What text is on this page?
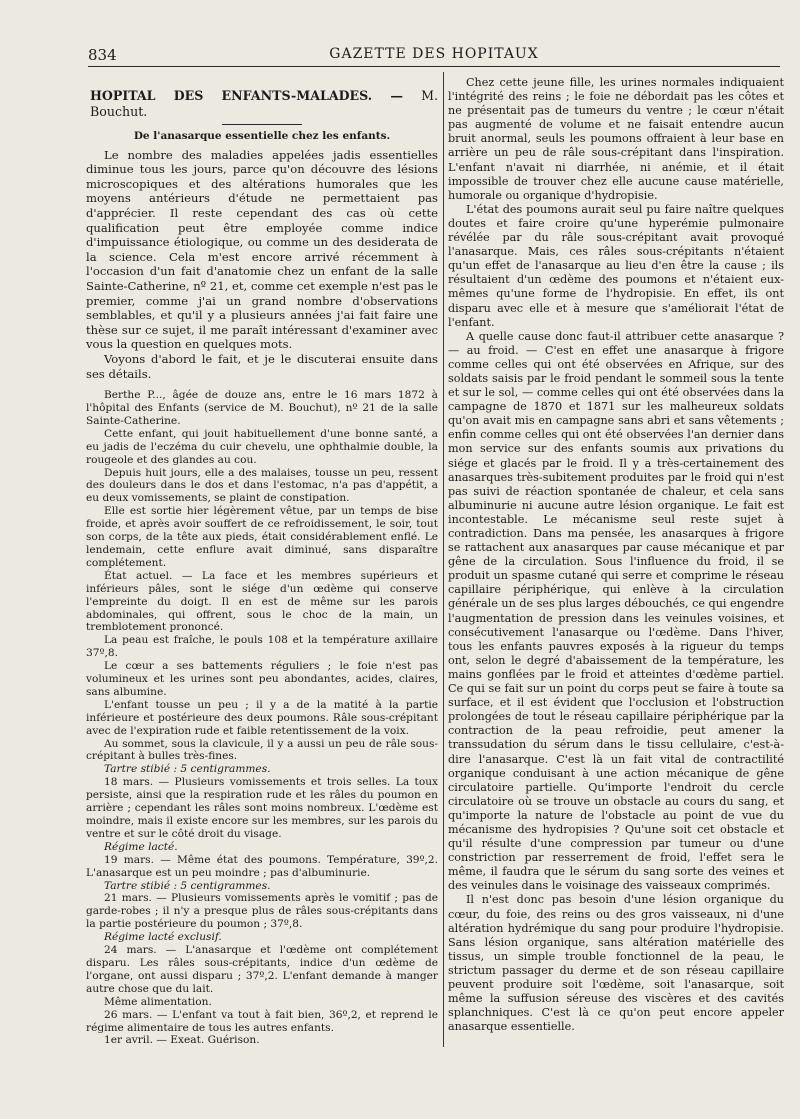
834	GAZETTE DES HOPITAUX
HOPITAL DES ENFANTS-MALADES. — M. Bouchut.
De l'anasarque essentielle chez les enfants.

Le nombre des maladies appelées jadis essentielles diminue tous les jours, parce qu'on découvre des lésions microscopiques et des altérations humorales que les moyens antérieurs d'étude ne permettaient pas d'apprécier. Il reste cependant des cas où cette qualification peut être employée comme indice d'impuissance étiologique, ou comme un des desiderata de la science. Cela m'est encore arrivé récemment à l'occasion d'un fait d'anatomie chez un enfant de la salle Sainte-Catherine, nº 21, et, comme cet exemple n'est pas le premier, comme j'ai un grand nombre d'observations semblables, et qu'il y a plusieurs années j'ai fait faire une thèse sur ce sujet, il me paraît intéressant d'examiner avec vous la question en quelques mots.

Voyons d'abord le fait, et je le discuterai ensuite dans ses détails.

Berthe P..., âgée de douze ans, entre le 16 mars 1872 à l'hôpital des Enfants (service de M. Bouchut), nº 21 de la salle Sainte-Catherine.

Cette enfant, qui jouit habituellement d'une bonne santé, a eu jadis de l'eczéma du cuir chevelu, une ophthalmie double, la rougeole et des glandes au cou.

Depuis huit jours, elle a des malaises, tousse un peu, ressent des douleurs dans le dos et dans l'estomac, n'a pas d'appétit, a eu deux vomissements, se plaint de constipation.

Elle est sortie hier légèrement vêtue, par un temps de bise froide, et après avoir souffert de ce refroidissement, le soir, tout son corps, de la tête aux pieds, était considérablement enflé. Le lendemain, cette enflure avait diminué, sans disparaître complétement.

État actuel. — La face et les membres supérieurs et inférieurs pâles, sont le siége d'un œdème qui conserve l'empreinte du doigt. Il en est de même sur les parois abdominales, qui offrent, sous le choc de la main, un tremblotement prononcé.

La peau est fraîche, le pouls 108 et la température axillaire 37º,8.

Le cœur a ses battements réguliers ; le foie n'est pas volumineux et les urines sont peu abondantes, acides, claires, sans albumine.

L'enfant tousse un peu ; il y a de la matité à la partie inférieure et postérieure des deux poumons. Râle sous-crépitant avec de l'expiration rude et faible retentissement de la voix.

Au sommet, sous la clavicule, il y a aussi un peu de râle sous-crépitant à bulles très-fines.

Tartre stibié : 5 centigrammes.

18 mars. — Plusieurs vomissements et trois selles. La toux persiste, ainsi que la respiration rude et les râles du poumon en arrière ; cependant les râles sont moins nombreux. L'œdème est moindre, mais il existe encore sur les membres, sur les parois du ventre et sur le côté droit du visage.

Régime lacté.

19 mars. — Même état des poumons. Température, 39º,2. L'anasarque est un peu moindre ; pas d'albuminurie.

Tartre stibié : 5 centigrammes.

21 mars. — Plusieurs vomissements après le vomitif ; pas de garde-robes ; il n'y a presque plus de râles sous-crépitants dans la partie postérieure du poumon ; 37º,8.

Régime lacté exclusif.

24 mars. — L'anasarque et l'œdème ont complétement disparu. Les râles sous-crépitants, indice d'un œdème de l'organe, ont aussi disparu ; 37º,2. L'enfant demande à manger autre chose que du lait.

Même alimentation.

26 mars. — L'enfant va tout à fait bien, 36º,2, et reprend le régime alimentaire de tous les autres enfants.

1er avril. — Exeat. Guérison.

Chez cette jeune fille, les urines normales indiquaient l'intégrité des reins ; le foie ne débordait pas les côtes et ne présentait pas de tumeurs du ventre ; le cœur n'était pas augmenté de volume et ne faisait entendre aucun bruit anormal, seuls les poumons offraient à leur base en arrière un peu de râle sous-crépitant dans l'inspiration. L'enfant n'avait ni diarrhée, ni anémie, et il était impossible de trouver chez elle aucune cause matérielle, humorale ou organique d'hydropisie.

L'état des poumons aurait seul pu faire naître quelques doutes et faire croire qu'une hyperémie pulmonaire révélée par du râle sous-crépitant avait provoqué l'anasarque. Mais, ces râles sous-crépitants n'étaient qu'un effet de l'anasarque au lieu d'en être la cause ; ils résultaient d'un œdème des poumons et n'étaient eux-mêmes qu'une forme de l'hydropisie. En effet, ils ont disparu avec elle et à mesure que s'améliorait l'état de l'enfant.

A quelle cause donc faut-il attribuer cette anasarque ? — au froid. — C'est en effet une anasarque à frigore comme celles qui ont été observées en Afrique, sur des soldats saisis par le froid pendant le sommeil sous la tente et sur le sol, — comme celles qui ont été observées dans la campagne de 1870 et 1871 sur les malheureux soldats qu'on avait mis en campagne sans abri et sans vêtements ; enfin comme celles qui ont été observées l'an dernier dans mon service sur des enfants soumis aux privations du siége et glacés par le froid. Il y a très-certainement des anasarques très-subitement produites par le froid qui n'est pas suivi de réaction spontanée de chaleur, et cela sans albuminurie ni aucune autre lésion organique. Le fait est incontestable. Le mécanisme seul reste sujet à contradiction. Dans ma pensée, les anasarques à frigore se rattachent aux anasarques par cause mécanique et par gêne de la circulation. Sous l'influence du froid, il se produit un spasme cutané qui serre et comprime le réseau capillaire périphérique, qui enlève à la circulation générale un de ses plus larges débouchés, ce qui engendre l'augmentation de pression dans les veinules voisines, et consécutivement l'anasarque ou l'œdème. Dans l'hiver, tous les enfants pauvres exposés à la rigueur du temps ont, selon le degré d'abaissement de la température, les mains gonflées par le froid et atteintes d'œdème partiel. Ce qui se fait sur un point du corps peut se faire à toute sa surface, et il est évident que l'occlusion et l'obstruction prolongées de tout le réseau capillaire périphérique par la contraction de la peau refroidie, peut amener la transsudation du sérum dans le tissu cellulaire, c'est-à-dire l'anasarque. C'est là un fait vital de contractilité organique conduisant à une action mécanique de gêne circulatoire partielle. Qu'importe l'endroit du cercle circulatoire où se trouve un obstacle au cours du sang, et qu'importe la nature de l'obstacle au point de vue du mécanisme des hydropisies ? Qu'une soit cet obstacle et qu'il résulte d'une compression par tumeur ou d'une constriction par resserrement de froid, l'effet sera le même, il faudra que le sérum du sang sorte des veines et des veinules dans le voisinage des vaisseaux comprimés.

Il n'est donc pas besoin d'une lésion organique du cœur, du foie, des reins ou des gros vaisseaux, ni d'une altération hydrémique du sang pour produire l'hydropisie. Sans lésion organique, sans altération matérielle des tissus, un simple trouble fonctionnel de la peau, le strictum passager du derme et de son réseau capillaire peuvent produire soit l'œdème, soit l'anasarque, soit même la suffusion séreuse des viscères et des cavités splanchniques. C'est là ce qu'on peut encore appeler anasarque essentielle.
